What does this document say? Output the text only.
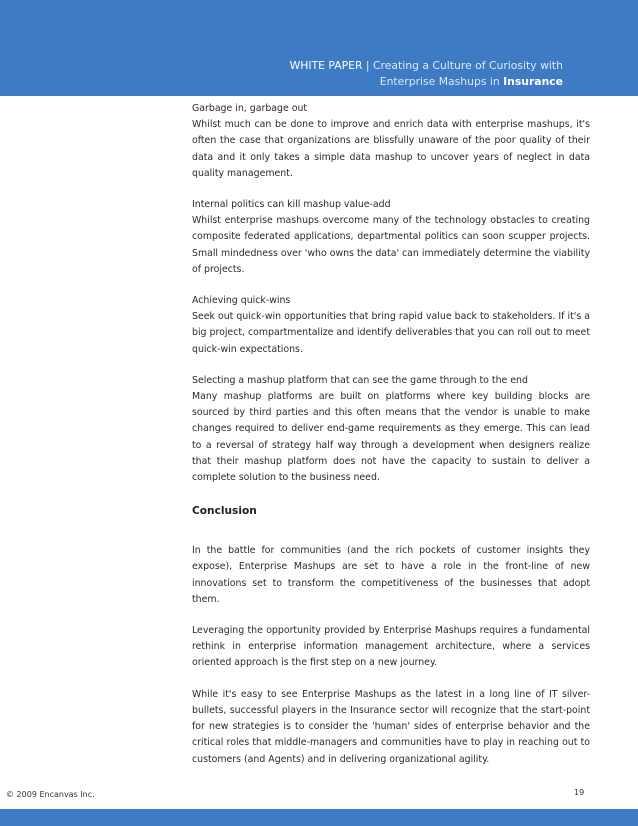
WHITE PAPER | Creating a Culture of Curiosity with
Enterprise Mashups in Insurance
Garbage in, garbage out

Whilst much can be done to improve and enrich data with enterprise mashups, it's often the case that organizations are blissfully unaware of the poor quality of their data and it only takes a simple data mashup to uncover years of neglect in data quality management.

Internal politics can kill mashup value-add

Whilst enterprise mashups overcome many of the technology obstacles to creating composite federated applications, departmental politics can soon scupper projects. Small mindedness over 'who owns the data' can immediately determine the viability of projects.

Achieving quick-wins

Seek out quick-win opportunities that bring rapid value back to stakeholders. If it's a big project, compartmentalize and identify deliverables that you can roll out to meet quick-win expectations.

Selecting a mashup platform that can see the game through to the end

Many mashup platforms are built on platforms where key building blocks are sourced by third parties and this often means that the vendor is unable to make changes required to deliver end-game requirements as they emerge. This can lead to a reversal of strategy half way through a development when designers realize that their mashup platform does not have the capacity to sustain to deliver a complete solution to the business need.

Conclusion

In the battle for communities (and the rich pockets of customer insights they expose), Enterprise Mashups are set to have a role in the front-line of new innovations set to transform the competitiveness of the businesses that adopt them.

Leveraging the opportunity provided by Enterprise Mashups requires a fundamental rethink in enterprise information management architecture, where a services oriented approach is the first step on a new journey.

While it's easy to see Enterprise Mashups as the latest in a long line of IT silver-bullets, successful players in the Insurance sector will recognize that the start-point for new strategies is to consider the 'human' sides of enterprise behavior and the critical roles that middle-managers and communities have to play in reaching out to customers (and Agents) and in delivering organizational agility.

© 2009 Encanvas Inc.	19
